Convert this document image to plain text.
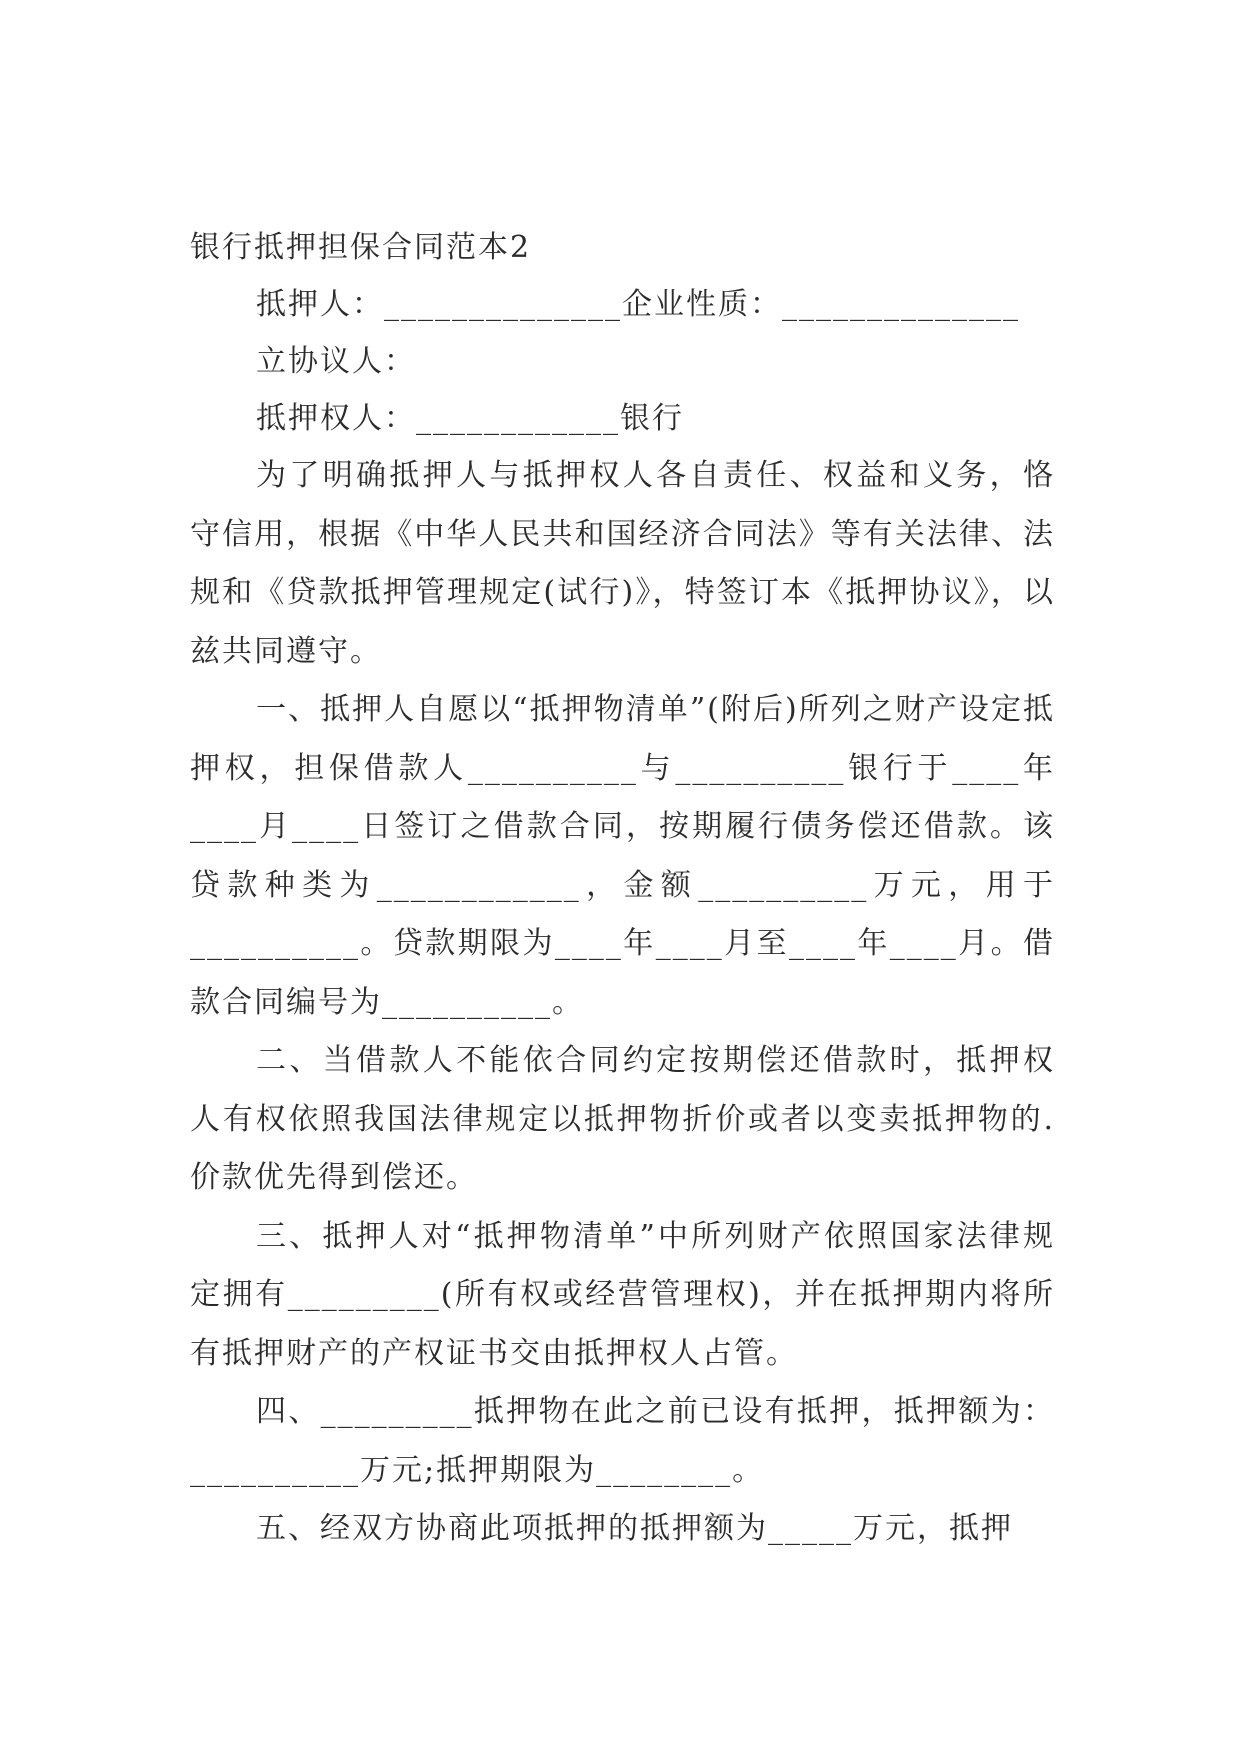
银行抵押担保合同范本2

抵押人：______________企业性质：______________

立协议人：

抵押权人：____________银行

为了明确抵押人与抵押权人各自责任、权益和义务，恪守信用，根据《中华人民共和国经济合同法》等有关法律、法规和《贷款抵押管理规定(试行)》，特签订本《抵押协议》，以兹共同遵守。

一、抵押人自愿以“抵押物清单”(附后)所列之财产设定抵押权，担保借款人__________与__________银行于____年____月____日签订之借款合同，按期履行债务偿还借款。该贷款种类为____________，金额__________万元，用于__________。贷款期限为____年____月至____年____月。借款合同编号为__________。

二、当借款人不能依合同约定按期偿还借款时，抵押权人有权依照我国法律规定以抵押物折价或者以变卖抵押物的.价款优先得到偿还。

三、抵押人对“抵押物清单”中所列财产依照国家法律规定拥有_________(所有权或经营管理权)，并在抵押期内将所有抵押财产的产权证书交由抵押权人占管。

四、_________抵押物在此之前已设有抵押，抵押额为：__________万元;抵押期限为________。

五、经双方协商此项抵押的抵押额为_____万元，抵押
